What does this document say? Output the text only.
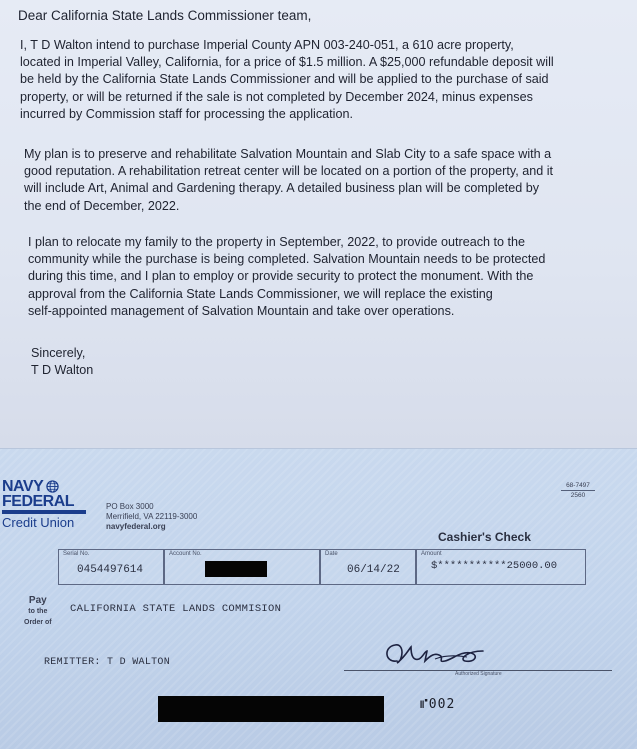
Dear California State Lands Commissioner team,
I, T D Walton intend to purchase Imperial County APN 003-240-051, a 610 acre property,
located in Imperial Valley, California, for a price of $1.5 million. A $25,000 refundable deposit will
be held by the California State Lands Commissioner and will be applied to the purchase of said
property, or will be returned if the sale is not completed by December 2024, minus expenses
incurred by Commission staff for processing the application.
My plan is to preserve and rehabilitate Salvation Mountain and Slab City to a safe space with a
good reputation. A rehabilitation retreat center will be located on a portion of the property, and it
will include Art, Animal and Gardening therapy. A detailed business plan will be completed by
the end of December, 2022.
I plan to relocate my family to the property in September, 2022, to provide outreach to the
community while the purchase is being completed. Salvation Mountain needs to be protected
during this time, and I plan to employ or provide security to protect the monument. With the
approval from the California State Lands Commissioner, we will replace the existing
self-appointed management of Salvation Mountain and take over operations.
Sincerely,
T D Walton
NAVY
FEDERAL
Credit Union
PO Box 3000
Merrifield, VA 22119-3000
navyfederal.org
68-7497
2560
Cashier's Check
Serial No.
0454497614
Account No.	Date
06/14/22
Amount
$***********25000.00
Pay
to the
Order of
CALIFORNIA STATE LANDS COMMISION
REMITTER: T D WALTON
Authorized Signature
⑈002
